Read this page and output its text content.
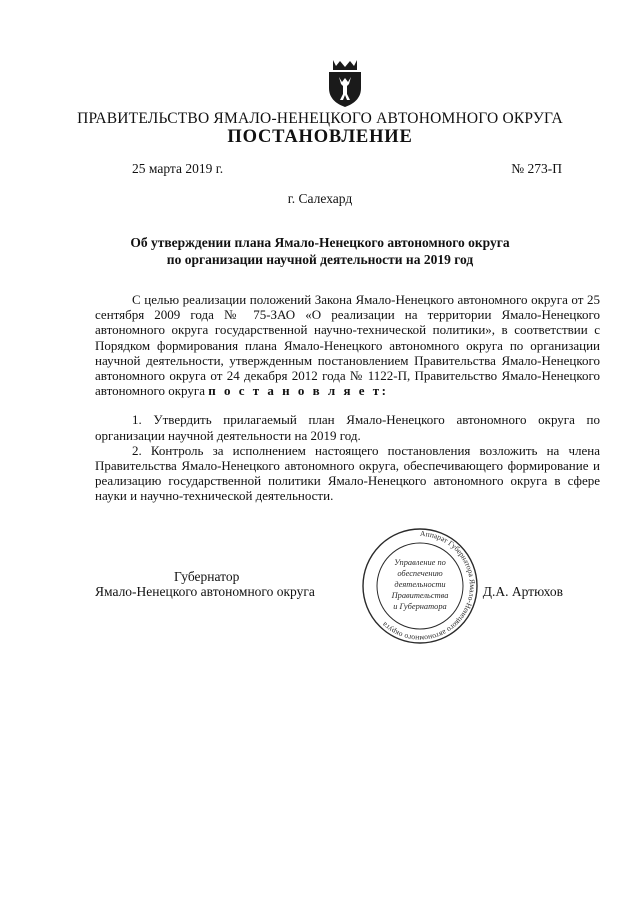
ПРАВИТЕЛЬСТВО ЯМАЛО-НЕНЕЦКОГО АВТОНОМНОГО ОКРУГА
ПОСТАНОВЛЕНИЕ
25 марта 2019 г.	№ 273-П
г. Салехард
Об утверждении плана Ямало-Ненецкого автономного округа
по организации научной деятельности на 2019 год

С целью реализации положений Закона Ямало-Ненецкого автономного округа от 25 сентября 2009 года № 75-ЗАО «О реализации на территории Ямало-Ненецкого автономного округа государственной научно-технической политики», в соответствии с Порядком формирования плана Ямало-Ненецкого автономного округа по организации научной деятельности, утвержденным постановлением Правительства Ямало-Ненецкого автономного округа от 24 декабря 2012 года № 1122-П, Правительство Ямало-Ненецкого автономного округа п о с т а н о в л я е т:

1. Утвердить прилагаемый план Ямало-Ненецкого автономного округа по организации научной деятельности на 2019 год.

2. Контроль за исполнением настоящего постановления возложить на члена Правительства Ямало-Ненецкого автономного округа, обеспечивающего формирование и реализацию государственной политики Ямало-Ненецкого автономного округа в сфере науки и научно-технической деятельности.

Губернатор
Ямало-Ненецкого автономного округа	Д.А. Артюхов
Аппарат Губернатора Ямало-Ненецкого автономного округа
Управление по
обеспечению
деятельности
Правительства
и Губернатора
